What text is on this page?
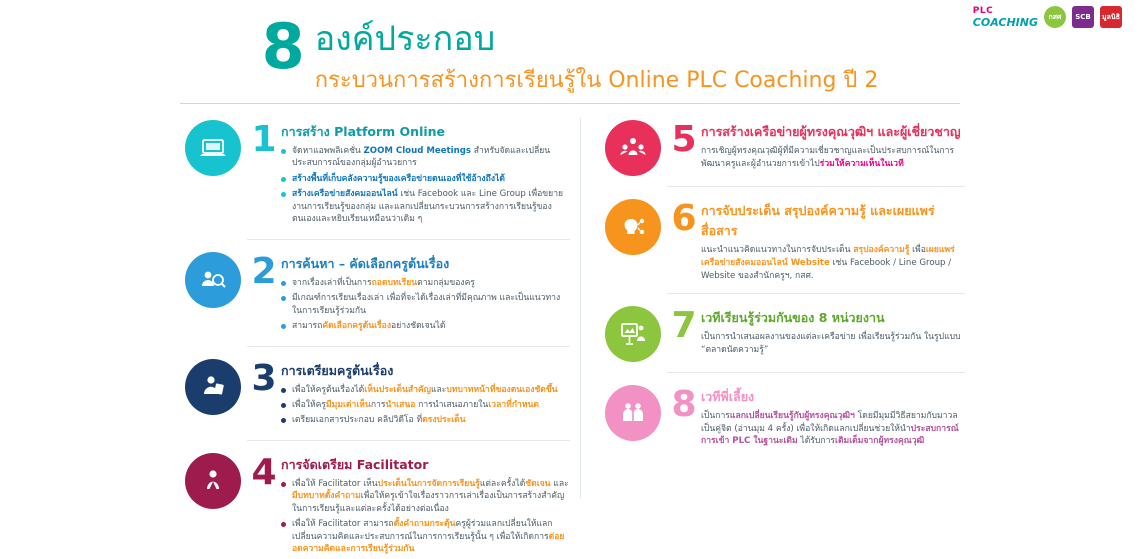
PLC
COACHING	กสศ	SCB	มูลนิธิ
8 องค์ประกอบ
กระบวนการสร้างการเรียนรู้ใน Online PLC Coaching ปี 2
1 การสร้าง Platform Online
จัดหาแอพพลิเคชั่น ZOOM Cloud Meetings สำหรับจัดและเปลี่ยนประสบการณ์ของกลุ่มผู้อำนวยการ
สร้างพื้นที่เก็บคลังความรู้ของเครือข่ายตนเองที่ใช้อ้างถึงได้
สร้างเครือข่ายสังคมออนไลน์ เช่น Facebook และ Line Group เพื่อขยายงานการเรียนรู้ของกลุ่ม และแลกเปลี่ยนกระบวนการสร้างการเรียนรู้ของตนเองและหยิบเรียนเหมือนว่าเดิม ๆ
2 การค้นหา – คัดเลือกครูต้นเรื่อง
จากเรื่องเล่าที่เป็นการถอดบทเรียนตามกลุ่มของครู
มีเกณฑ์การเรียนเรื่องเล่า เพื่อที่จะได้เรื่องเล่าที่มีคุณภาพ และเป็นแนวทางในการเรียนรู้ร่วมกัน
สามารถคัดเลือกครูต้นเรื่องอย่างชัดเจนได้
3 การเตรียมครูต้นเรื่อง
เพื่อให้ครูต้นเรื่องได้เห็นประเด็นสำคัญและบทบาทหน้าที่ของตนเองชัดขึ้น
เพื่อให้ครูมีมุมเต่าเห็นการนำเสนอ การนำเสนอภายในเวลาที่กำหนด
เตรียมเอกสารประกอบ คลิปวิดีโอ ที่ตรงประเด็น
4 การจัดเตรียม Facilitator
เพื่อให้ Facilitator เห็นประเด็นในการจัดการเรียนรู้แต่ละครั้งได้ชัดเจน และมีบทบาทตั้งคำถามเพื่อให้ครูเข้าใจเรื่องราวการเล่าเรื่องเป็นการสร้างสำคัญในการเรียนรู้และแต่ละครั้งได้อย่างต่อเนื่อง
เพื่อให้ Facilitator สามารถตั้งคำถามกระตุ้นครูผู้ร่วมแลกเปลี่ยนให้แลกเปลี่ยนความคิดและประสบการณ์ในการการเรียนรู้นั้น ๆ เพื่อให้เกิดการต่อยอดความคิดและการเรียนรู้ร่วมกัน
5 การสร้างเครือข่ายผู้ทรงคุณวุฒิฯ และผู้เชี่ยวชาญ
การเชิญผู้ทรงคุณวุฒิผู้ที่มีความเชี่ยวชาญและเป็นประสบการณ์ในการพัฒนาครูและผู้อำนวยการเข้าไปร่วมให้ความเห็นในเวที
6 การจับประเด็น สรุปองค์ความรู้ และเผยแพร่สื่อสาร
แนะนำแนวคิดแนวทางในการจับประเด็น สรุปองค์ความรู้ เพื่อเผยแพร่เครือข่ายสังคมออนไลน์ Website เช่น Facebook / Line Group / Website ของสำนักครูฯ, กสศ.
7 เวทีเรียนรู้ร่วมกันของ 8 หน่วยงาน
เป็นการนำเสนอผลงานของแต่ละเครือข่าย เพื่อเรียนรู้ร่วมกัน ในรูปแบบ “ตลาดนัดความรู้”
8 เวทีพี่เลี้ยง
เป็นการแลกเปลี่ยนเรียนรู้กับผู้ทรงคุณวุฒิฯ โดยมีมุมมีวิธีสยามกับมาวลเป็นคู่จิต (อ่านมุม 4 ครั้ง) เพื่อให้เกิดแลกเปลี่ยนช่วยให้นำประสบการณ์การเข้า PLC ในฐานะเดิม ได้รับการเติมเต็มจากผู้ทรงคุณวุฒิ
